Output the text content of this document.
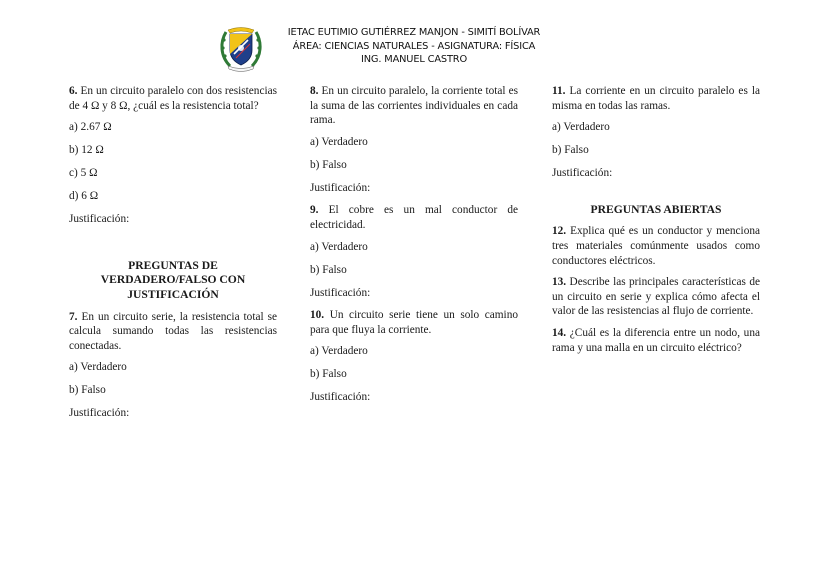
IETAC EUTIMIO GUTIÉRREZ MANJON - SIMITÍ BOLÍVAR
ÁREA: CIENCIAS NATURALES - ASIGNATURA: FÍSICA
ING. MANUEL CASTRO

6. En un circuito paralelo con dos resistencias de 4 Ω y 8 Ω, ¿cuál es la resistencia total?

a) 2.67 Ω
b) 12 Ω
c) 5 Ω
d) 6 Ω
Justificación:
PREGUNTAS DE
VERDADERO/FALSO CON
JUSTIFICACIÓN

7. En un circuito serie, la resistencia total se calcula sumando todas las resistencias conectadas.

a) Verdadero
b) Falso
Justificación:

8. En un circuito paralelo, la corriente total es la suma de las corrientes individuales en cada rama.

a) Verdadero
b) Falso
Justificación:

9. El cobre es un mal conductor de electricidad.

a) Verdadero
b) Falso
Justificación:

10. Un circuito serie tiene un solo camino para que fluya la corriente.

a) Verdadero
b) Falso
Justificación:

11. La corriente en un circuito paralelo es la misma en todas las ramas.

a) Verdadero
b) Falso
Justificación:
PREGUNTAS ABIERTAS

12. Explica qué es un conductor y menciona tres materiales comúnmente usados como conductores eléctricos.

13. Describe las principales características de un circuito en serie y explica cómo afecta el valor de las resistencias al flujo de corriente.

14. ¿Cuál es la diferencia entre un nodo, una rama y una malla en un circuito eléctrico?
